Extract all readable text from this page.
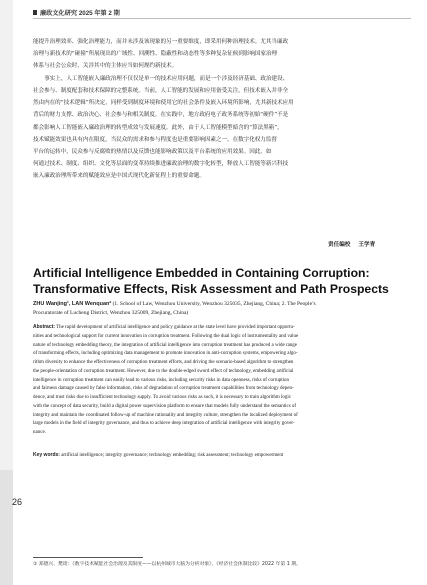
廉政文化研究 2025 年第 2 期

能提升治理效率、强化治理能力，而并未涉及该现象的另一重要维度，即采用何种治理技术。尤其当廉政

治理与新技术的“碰撞”所展现出的广域性、回溯性、隐蔽性和动态性等多种复杂征候到影响国家治理

体系与社会公众时，关涉其中的主体应当如何规约新技术。

事实上，人工智能嵌入廉政治理不仅仅是单一的技术应用问题，而是一个涉及经济基础、政治建设、

社会参与、制度配套和技术保障的完整系统。当前，人工智能的发展和应用备受关注，但技术嵌入并非全

然由内在的“技术逻辑”所决定，同样受到制度环境和使用它的社会条件及嵌入环境所影响，尤其新技术应用

背后的财力支撑、政治决心、社会参与和相关制度。在实践中，地方政府电子政务系统等初始“硬件”不是

都会影响人工智能嵌入廉政治理的转型成效与发展速度。此外，由于人工智能模型暗含的“算法黑箱”，

技术赋能效果也具有内在限度，当民众的需求和参与程度也是重要影响因素之一。在数字化权力监督

平台的运转中，民众参与反腐败的热情以及反馈也能影响政策以及平台系统的应用效果。因此，如

何通过技术、制度、组织、文化等层面的变革持续推进廉政治理的数字化转型，释放人工智能等新兴科技

嵌入廉政治理所带来的赋能效应是中国式现代化新征程上的重要命题。

责任编校 王学青
Artificial Intelligence Embedded in Containing Corruption:
Transformative Effects, Risk Assessment and Path Prospects
ZHU Wanjing¹, LAN Wenquan² (1. School of Law, Wenzhou University, Wenzhou 325035, Zhejiang, China; 2. The People’s
Procuratorate of Lucheng District, Wenzhou 325009, Zhejiang, China)
Abstract: The rapid development of artificial intelligence and policy guidance at the state level have provided important opportu-
nities and technological support for current innovation in corruption treatment. Following the dual logic of instrumentality and value
nature of technology embedding theory, the integration of artificial intelligence into corruption treatment has produced a wide range
of transforming effects, including optimizing data management to promote innovation in anti-corruption systems, empowering algo-
rithm diversity to enhance the effectiveness of corruption treatment efforts, and driving the scenario-based algorithm to strengthen
the people-orientation of corruption treatment. However, due to the double-edged sword effect of technology, embedding artificial
intelligence in corruption treatment can easily lead to various risks, including security risks in data openness, risks of corruption
and fairness damage caused by false information, risks of degradation of corruption treatment capabilities from technology depen-
dence, and trust risks due to insufficient technology supply. To avoid various risks as such, it is necessary to train algorithm logic
with the concept of data security, build a digital power supervision platform to ensure that models fully understand the semantics of
integrity and maintain the coordinated follow-up of machine rationality and integrity culture, strengthen the localized deployment of
large models in the field of integrity governance, and thus to achieve deep integration of artificial intelligence with integrity gover-
nance.
Key words: artificial intelligence; integrity governance; technology embedding; risk assessment; technology empowerment
26
① 郑德兴、樊琦：《数字技术赋能社会治理及其限度——以杭州城市大脑为分析对象》，《经济社会体制比较》2022 年第 1 期。
